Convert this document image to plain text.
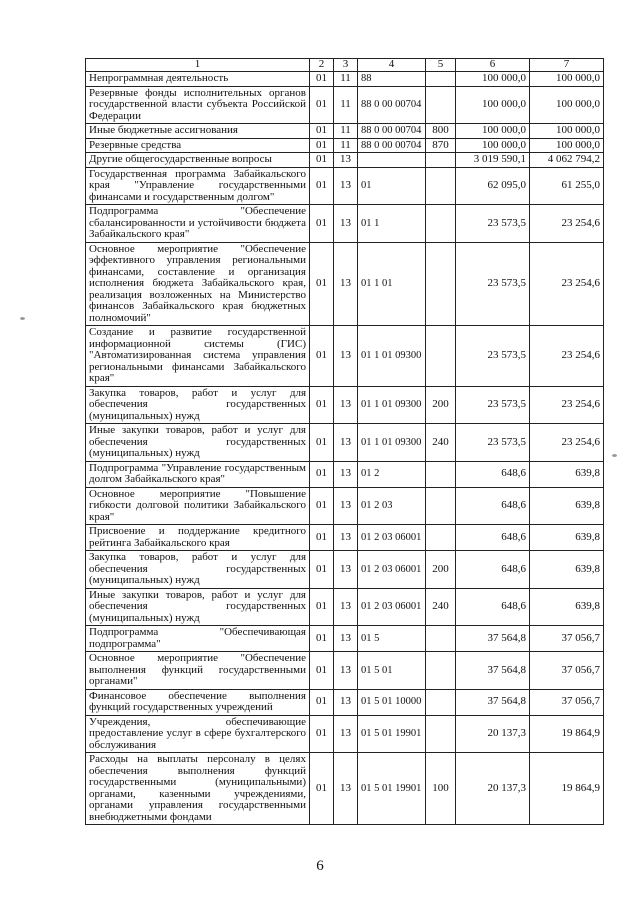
1	2	3	4	5	6	7
Непрограммная деятельность	01	11	88		100 000,0	100 000,0
Резервные фонды исполнительных органов государственной власти субъекта Российской Федерации	01	11	88 0 00 00704		100 000,0	100 000,0
Иные бюджетные ассигнования	01	11	88 0 00 00704	800	100 000,0	100 000,0
Резервные средства	01	11	88 0 00 00704	870	100 000,0	100 000,0
Другие общегосударственные вопросы	01	13			3 019 590,1	4 062 794,2
Государственная программа Забайкальского края "Управление государственными финансами и государственным долгом"	01	13	01		62 095,0	61 255,0
Подпрограмма "Обеспечение сбалансированности и устойчивости бюджета Забайкальского края"	01	13	01 1		23 573,5	23 254,6
Основное мероприятие "Обеспечение эффективного управления региональными финансами, составление и организация исполнения бюджета Забайкальского края, реализация возложенных на Министерство финансов Забайкальского края бюджетных полномочий"	01	13	01 1 01		23 573,5	23 254,6
Создание и развитие государственной информационной системы (ГИС) "Автоматизированная система управления региональными финансами Забайкальского края"	01	13	01 1 01 09300		23 573,5	23 254,6
Закупка товаров, работ и услуг для обеспечения государственных (муниципальных) нужд	01	13	01 1 01 09300	200	23 573,5	23 254,6
Иные закупки товаров, работ и услуг для обеспечения государственных (муниципальных) нужд	01	13	01 1 01 09300	240	23 573,5	23 254,6
Подпрограмма "Управление государственным долгом Забайкальского края"	01	13	01 2		648,6	639,8
Основное мероприятие "Повышение гибкости долговой политики Забайкальского края"	01	13	01 2 03		648,6	639,8
Присвоение и поддержание кредитного рейтинга Забайкальского края	01	13	01 2 03 06001		648,6	639,8
Закупка товаров, работ и услуг для обеспечения государственных (муниципальных) нужд	01	13	01 2 03 06001	200	648,6	639,8
Иные закупки товаров, работ и услуг для обеспечения государственных (муниципальных) нужд	01	13	01 2 03 06001	240	648,6	639,8
Подпрограмма "Обеспечивающая подпрограмма"	01	13	01 5		37 564,8	37 056,7
Основное мероприятие "Обеспечение выполнения функций государственными органами"	01	13	01 5 01		37 564,8	37 056,7
Финансовое обеспечение выполнения функций государственных учреждений	01	13	01 5 01 10000		37 564,8	37 056,7
Учреждения, обеспечивающие предоставление услуг в сфере бухгалтерского обслуживания	01	13	01 5 01 19901		20 137,3	19 864,9
Расходы на выплаты персоналу в целях обеспечения выполнения функций государственными (муниципальными) органами, казенными учреждениями, органами управления государственными внебюджетными фондами	01	13	01 5 01 19901	100	20 137,3	19 864,9
6
